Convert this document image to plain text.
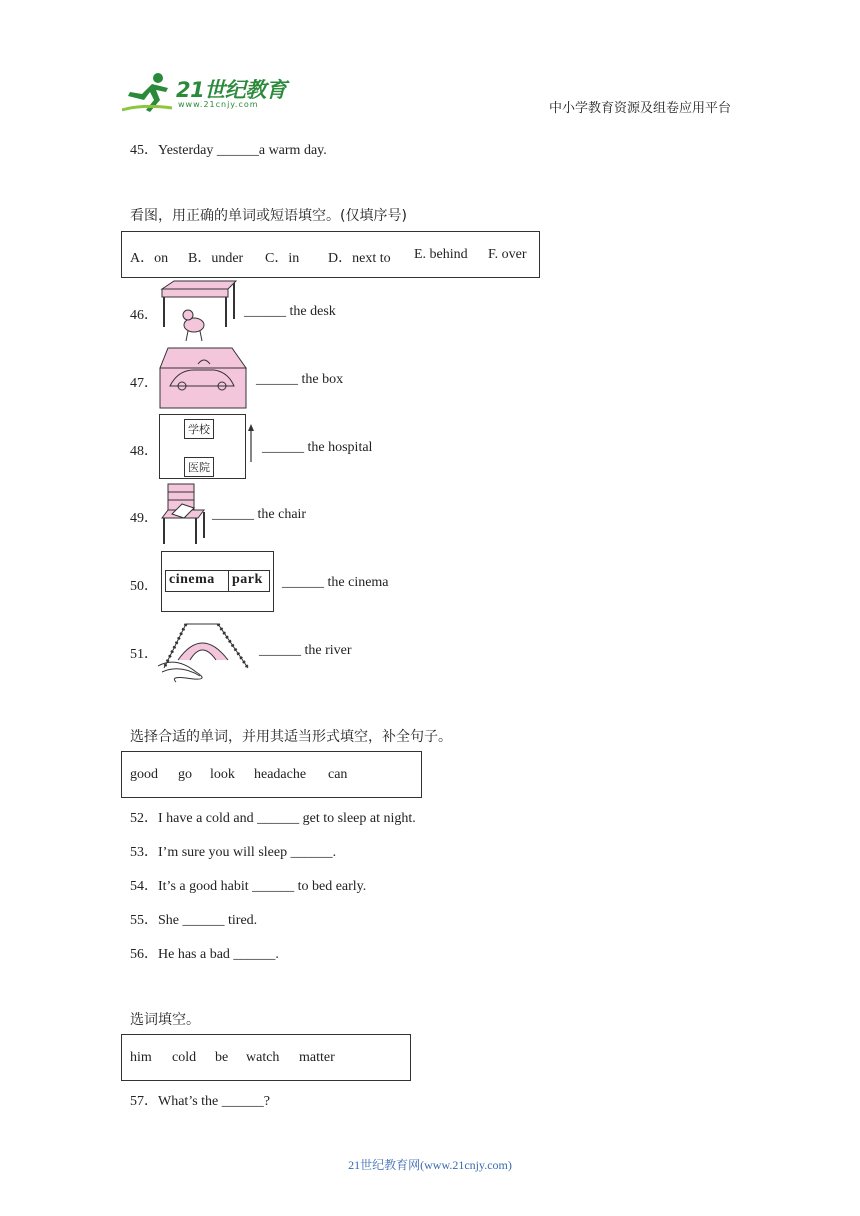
21世纪教育
www.21cnjy.com	中小学教育资源及组卷应用平台
45．Yesterday ______a warm day.
看图，用正确的单词或短语填空。(仅填序号)
A．on B．under C．in D．next to E. behind F. over
46．	______ the desk
47．	______ the box
48．
学校
医院
______ the hospital
49．	______ the chair
50． cinema park ______ the cinema
51．	______ the river
选择合适的单词，并用其适当形式填空，补全句子。
good go look headache can
52．I have a cold and ______ get to sleep at night.
53．I’m sure you will sleep ______.
54．It’s a good habit ______ to bed early.
55．She ______ tired.
56．He has a bad ______.
选词填空。
him cold be watch matter
57．What’s the ______?
21世纪教育网(www.21cnjy.com)
